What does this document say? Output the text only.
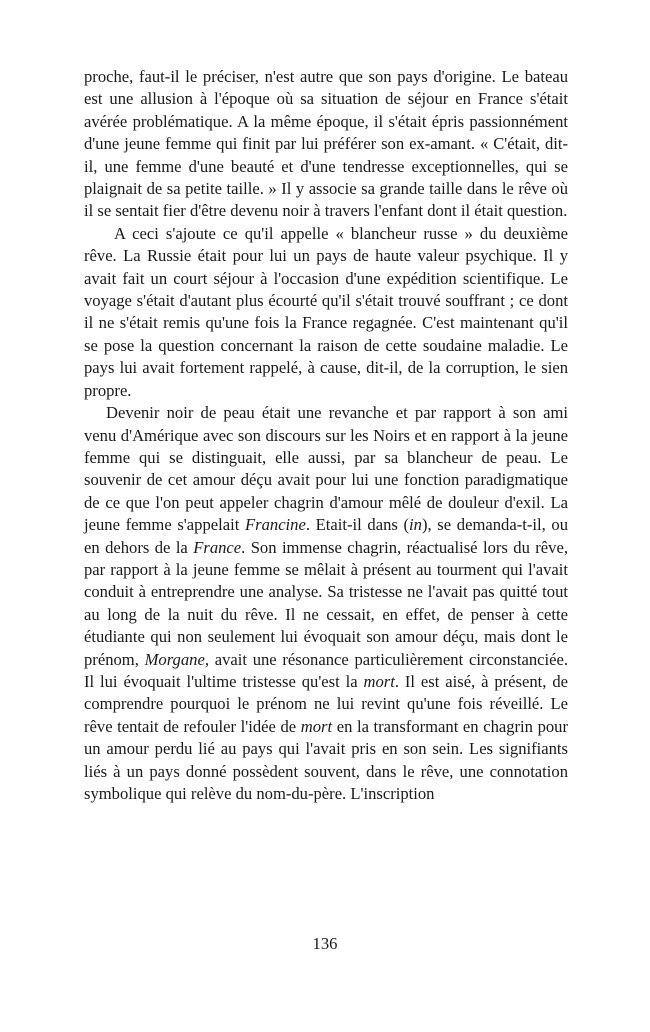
proche, faut-il le préciser, n'est autre que son pays d'origine. Le bateau est une allusion à l'époque où sa situation de séjour en France s'était avérée problématique. A la même époque, il s'était épris passionnément d'une jeune femme qui finit par lui préférer son ex-amant. « C'était, dit-il, une femme d'une beauté et d'une tendresse exceptionnelles, qui se plaignait de sa petite taille. » Il y associe sa grande taille dans le rêve où il se sentait fier d'être devenu noir à travers l'enfant dont il était question.

A ceci s'ajoute ce qu'il appelle « blancheur russe » du deuxième rêve. La Russie était pour lui un pays de haute valeur psychique. Il y avait fait un court séjour à l'occasion d'une expédition scientifique. Le voyage s'était d'autant plus écourté qu'il s'était trouvé souffrant ; ce dont il ne s'était remis qu'une fois la France regagnée. C'est maintenant qu'il se pose la question concernant la raison de cette soudaine maladie. Le pays lui avait fortement rappelé, à cause, dit-il, de la corruption, le sien propre.

Devenir noir de peau était une revanche et par rapport à son ami venu d'Amérique avec son discours sur les Noirs et en rapport à la jeune femme qui se distinguait, elle aussi, par sa blancheur de peau. Le souvenir de cet amour déçu avait pour lui une fonction paradigmatique de ce que l'on peut appeler chagrin d'amour mêlé de douleur d'exil. La jeune femme s'appelait Francine. Etait-il dans (in), se demanda-t-il, ou en dehors de la France. Son immense chagrin, réactualisé lors du rêve, par rapport à la jeune femme se mêlait à présent au tourment qui l'avait conduit à entreprendre une analyse. Sa tristesse ne l'avait pas quitté tout au long de la nuit du rêve. Il ne cessait, en effet, de penser à cette étudiante qui non seulement lui évoquait son amour déçu, mais dont le prénom, Morgane, avait une résonance particulièrement circonstanciée. Il lui évoquait l'ultime tristesse qu'est la mort. Il est aisé, à présent, de comprendre pourquoi le prénom ne lui revint qu'une fois réveillé. Le rêve tentait de refouler l'idée de mort en la transformant en chagrin pour un amour perdu lié au pays qui l'avait pris en son sein. Les signifiants liés à un pays donné possèdent souvent, dans le rêve, une connotation symbolique qui relève du nom-du-père. L'inscription

136
